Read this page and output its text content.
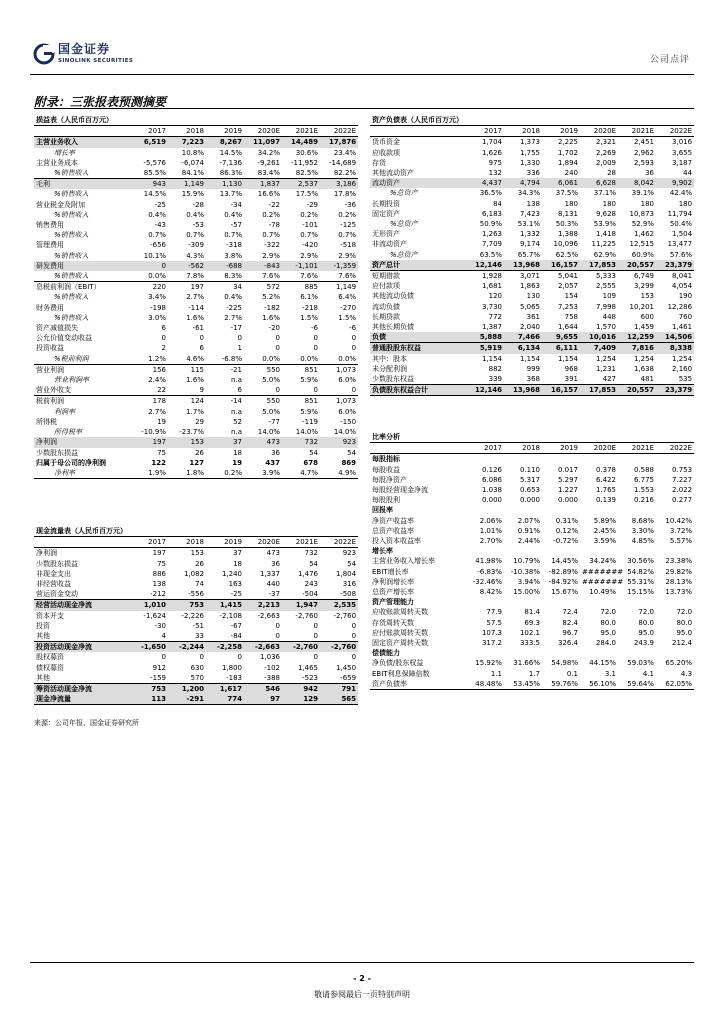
国金证券
SINOLINK SECURITIES	公司点评
附录：三张报表预测摘要
损益表（人民币百万元）						
	2017	2018	2019	2020E	2021E	2022E
主营业务收入	6,519	7,223	8,267	11,097	14,489	17,876
增长率		10.8%	14.5%	34.2%	30.6%	23.4%
主营业务成本	-5,576	-6,074	-7,136	-9,261	-11,952	-14,689
%销售收入	85.5%	84.1%	86.3%	83.4%	82.5%	82.2%
毛利	943	1,149	1,130	1,837	2,537	3,186
%销售收入	14.5%	15.9%	13.7%	16.6%	17.5%	17.8%
营业税金及附加	-25	-28	-34	-22	-29	-36
%销售收入	0.4%	0.4%	0.4%	0.2%	0.2%	0.2%
销售费用	-43	-53	-57	-78	-101	-125
%销售收入	0.7%	0.7%	0.7%	0.7%	0.7%	0.7%
管理费用	-656	-309	-318	-322	-420	-518
%销售收入	10.1%	4.3%	3.8%	2.9%	2.9%	2.9%
研发费用	0	-562	-688	-843	-1,101	-1,359
%销售收入	0.0%	7.8%	8.3%	7.6%	7.6%	7.6%
息税前利润（EBIT）	220	197	34	572	885	1,149
%销售收入	3.4%	2.7%	0.4%	5.2%	6.1%	6.4%
财务费用	-198	-114	-225	-182	-218	-270
%销售收入	3.0%	1.6%	2.7%	1.6%	1.5%	1.5%
资产减值损失	6	-61	-17	-20	-6	-6
公允价值变动收益	0	0	0	0	0	0
投资收益	2	6	1	0	0	0
%税前利润	1.2%	4.6%	-6.8%	0.0%	0.0%	0.0%
营业利润	156	115	-21	550	851	1,073
营业利润率	2.4%	1.6%	n.a	5.0%	5.9%	6.0%
营业外收支	22	9	6	0	0	0
税前利润	178	124	-14	550	851	1,073
利润率	2.7%	1.7%	n.a	5.0%	5.9%	6.0%
所得税	19	29	52	-77	-119	-150
所得税率	-10.9%	-23.7%	n.a	14.0%	14.0%	14.0%
净利润	197	153	37	473	732	923
少数股东损益	75	26	18	36	54	54
归属于母公司的净利润	122	127	19	437	678	869
净利率	1.9%	1.8%	0.2%	3.9%	4.7%	4.9%
现金流量表（人民币百万元）						
	2017	2018	2019	2020E	2021E	2022E
净利润	197	153	37	473	732	923
少数股东损益	75	26	18	36	54	54
非现金支出	886	1,082	1,240	1,337	1,476	1,804
非经营收益	138	74	163	440	243	316
营运资金变动	-212	-556	-25	-37	-504	-508
经营活动现金净流	1,010	753	1,415	2,213	1,947	2,535
资本开支	-1,624	-2,226	-2,108	-2,663	-2,760	-2,760
投资	-30	-51	-67	0	0	0
其他	4	33	-84	0	0	0
投资活动现金净流	-1,650	-2,244	-2,258	-2,663	-2,760	-2,760
股权募资	0	0	0	1,036	0	0
债权募资	912	630	1,800	-102	1,465	1,450
其他	-159	570	-183	-388	-523	-659
筹资活动现金净流	753	1,200	1,617	546	942	791
现金净流量	113	-291	774	97	129	565
资产负债表（人民币百万元）						
	2017	2018	2019	2020E	2021E	2022E
货币资金	1,704	1,373	2,225	2,321	2,451	3,016
应收款项	1,626	1,755	1,702	2,269	2,962	3,655
存货	975	1,330	1,894	2,009	2,593	3,187
其他流动资产	132	336	240	28	36	44
流动资产	4,437	4,794	6,061	6,628	8,042	9,902
%总资产	36.5%	34.3%	37.5%	37.1%	39.1%	42.4%
长期投资	84	138	180	180	180	180
固定资产	6,183	7,423	8,131	9,628	10,873	11,794
%总资产	50.9%	53.1%	50.3%	53.9%	52.9%	50.4%
无形资产	1,263	1,332	1,388	1,418	1,462	1,504
非流动资产	7,709	9,174	10,096	11,225	12,515	13,477
%总资产	63.5%	65.7%	62.5%	62.9%	60.9%	57.6%
资产总计	12,146	13,968	16,157	17,853	20,557	23,379
短期借款	1,928	3,071	5,041	5,333	6,749	8,041
应付款项	1,681	1,863	2,057	2,555	3,299	4,054
其他流动负债	120	130	154	109	153	190
流动负债	3,730	5,065	7,253	7,998	10,201	12,286
长期贷款	772	361	758	448	600	760
其他长期负债	1,387	2,040	1,644	1,570	1,459	1,461
负债	5,888	7,466	9,655	10,016	12,259	14,506
普通股股东权益	5,919	6,134	6,111	7,409	7,816	8,338
其中：股本	1,154	1,154	1,154	1,254	1,254	1,254
未分配利润	882	999	968	1,231	1,638	2,160
少数股东权益	339	368	391	427	481	535
负债股东权益合计	12,146	13,968	16,157	17,853	20,557	23,379
比率分析						
	2017	2018	2019	2020E	2021E	2022E
每股指标						
每股收益	0.126	0.110	0.017	0.378	0.588	0.753
每股净资产	6.086	5.317	5.297	6.422	6.775	7.227
每股经营现金净流	1.038	0.653	1.227	1.765	1.553	2.022
每股股利	0.000	0.000	0.000	0.139	0.216	0.277
回报率						
净资产收益率	2.06%	2.07%	0.31%	5.89%	8.68%	10.42%
总资产收益率	1.01%	0.91%	0.12%	2.45%	3.30%	3.72%
投入资本收益率	2.70%	2.44%	-0.72%	3.59%	4.85%	5.57%
增长率						
主营业务收入增长率	41.98%	10.79%	14.45%	34.24%	30.56%	23.38%
EBIT增长率	-6.83%	-10.38%	-82.89%	#######	54.82%	29.82%
净利润增长率	-32.46%	3.94%	-84.92%	#######	55.31%	28.13%
总资产增长率	8.42%	15.00%	15.67%	10.49%	15.15%	13.73%
资产管理能力						
应收账款周转天数	77.9	81.4	72.4	72.0	72.0	72.0
存货周转天数	57.5	69.3	82.4	80.0	80.0	80.0
应付账款周转天数	107.3	102.1	96.7	95.0	95.0	95.0
固定资产周转天数	317.2	333.5	326.4	284.0	243.9	212.4
偿债能力						
净负债/股东权益	15.92%	31.66%	54.98%	44.15%	59.03%	65.20%
EBIT利息保障倍数	1.1	1.7	0.1	3.1	4.1	4.3
资产负债率	48.48%	53.45%	59.76%	56.10%	59.64%	62.05%
来源：公司年报、国金证券研究所
- 2 -
敬请参阅最后一页特别声明
